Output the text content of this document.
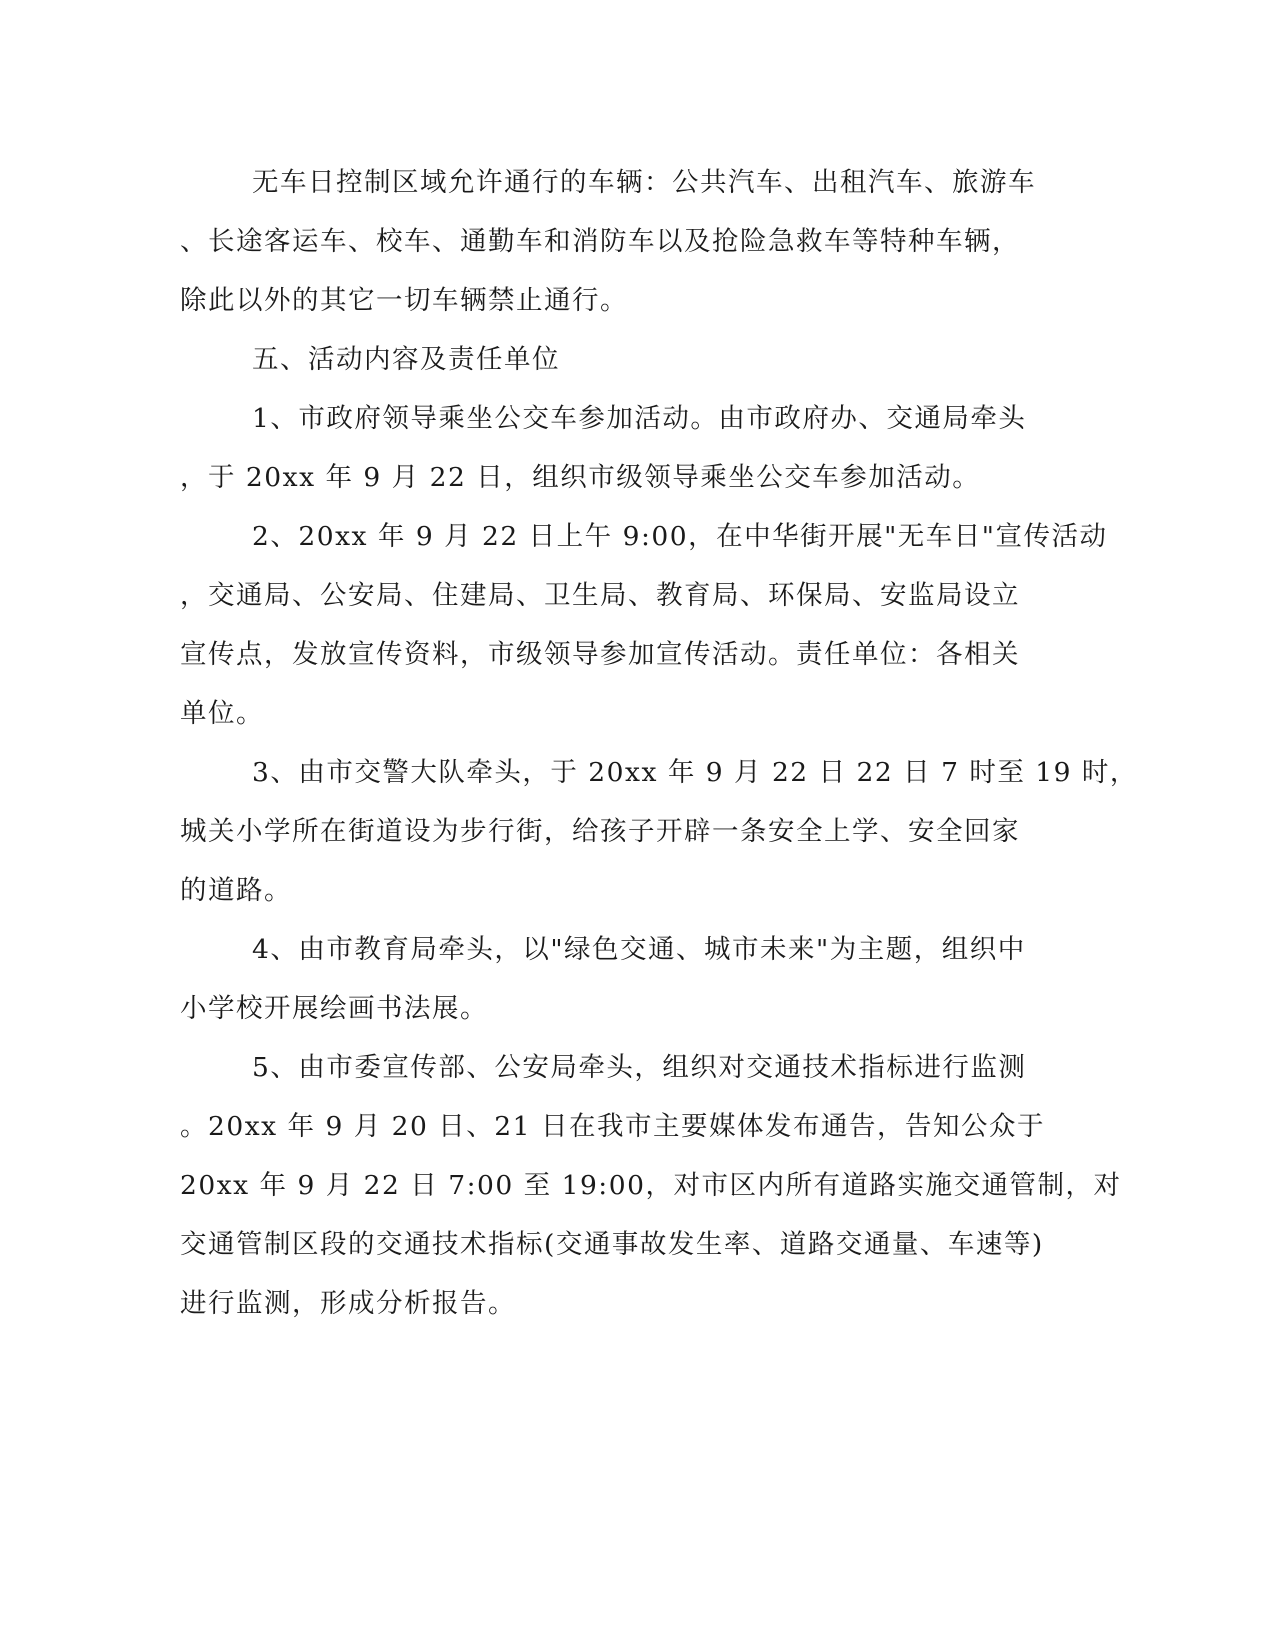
无车日控制区域允许通行的车辆：公共汽车、出租汽车、旅游车
、长途客运车、校车、通勤车和消防车以及抢险急救车等特种车辆，
除此以外的其它一切车辆禁止通行。
五、活动内容及责任单位
1、市政府领导乘坐公交车参加活动。由市政府办、交通局牵头
，于 20xx 年 9 月 22 日，组织市级领导乘坐公交车参加活动。
2、20xx 年 9 月 22 日上午 9:00，在中华街开展"无车日"宣传活动
，交通局、公安局、住建局、卫生局、教育局、环保局、安监局设立
宣传点，发放宣传资料，市级领导参加宣传活动。责任单位：各相关
单位。
3、由市交警大队牵头，于 20xx 年 9 月 22 日 22 日 7 时至 19 时，
城关小学所在街道设为步行街，给孩子开辟一条安全上学、安全回家
的道路。
4、由市教育局牵头，以"绿色交通、城市未来"为主题，组织中
小学校开展绘画书法展。
5、由市委宣传部、公安局牵头，组织对交通技术指标进行监测
。20xx 年 9 月 20 日、21 日在我市主要媒体发布通告，告知公众于
20xx 年 9 月 22 日 7:00 至 19:00，对市区内所有道路实施交通管制，对
交通管制区段的交通技术指标(交通事故发生率、道路交通量、车速等)
进行监测，形成分析报告。
